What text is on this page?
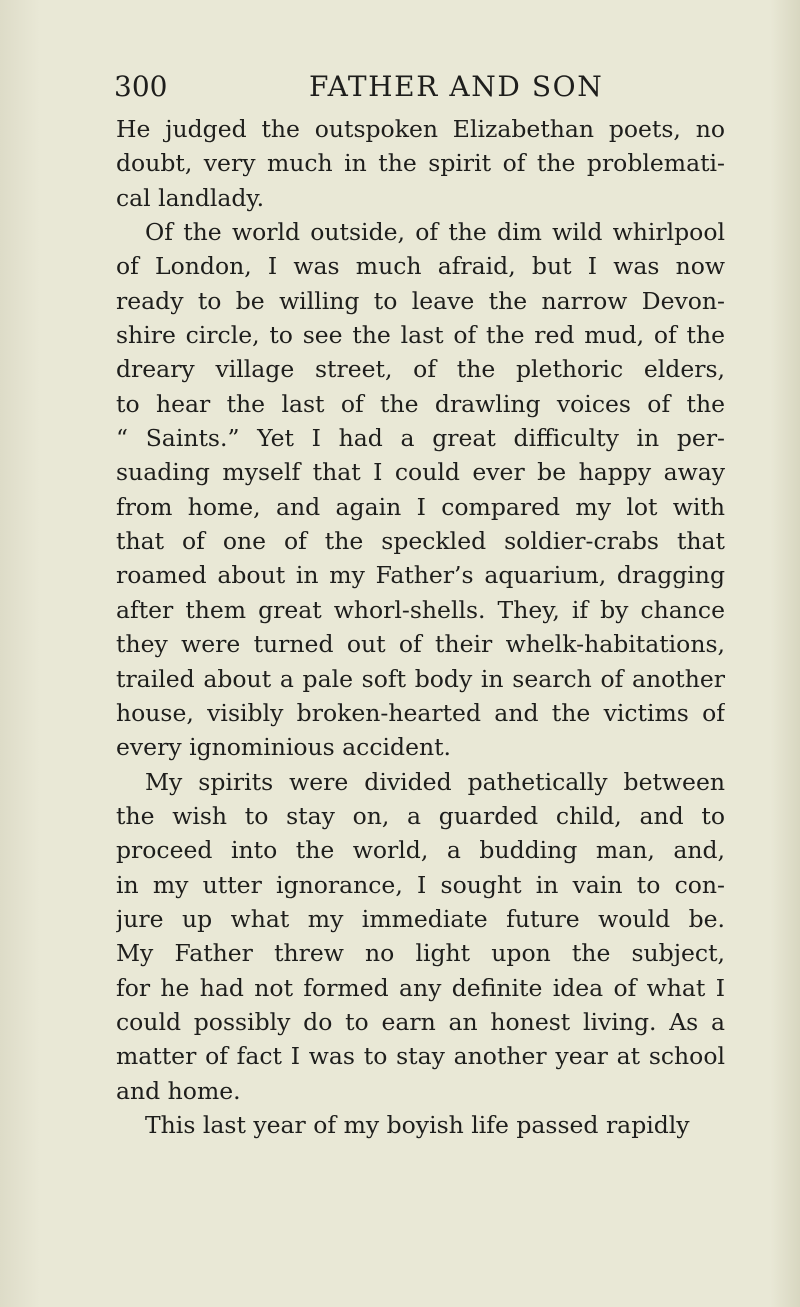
300	FATHER AND SON
He judged the outspoken Elizabethan poets, no
doubt, very much in the spirit of the problemati-
cal landlady.
Of the world outside, of the dim wild whirlpool
of London, I was much afraid, but I was now
ready to be willing to leave the narrow Devon-
shire circle, to see the last of the red mud, of the
dreary village street, of the plethoric elders,
to hear the last of the drawling voices of the
“ Saints.” Yet I had a great difficulty in per-
suading myself that I could ever be happy away
from home, and again I compared my lot with
that of one of the speckled soldier-crabs that
roamed about in my Father’s aquarium, dragging
after them great whorl-shells. They, if by chance
they were turned out of their whelk-habitations,
trailed about a pale soft body in search of another
house, visibly broken-hearted and the victims of
every ignominious accident.
My spirits were divided pathetically between
the wish to stay on, a guarded child, and to
proceed into the world, a budding man, and,
in my utter ignorance, I sought in vain to con-
jure up what my immediate future would be.
My Father threw no light upon the subject,
for he had not formed any definite idea of what I
could possibly do to earn an honest living. As a
matter of fact I was to stay another year at school
and home.
This last year of my boyish life passed rapidly
